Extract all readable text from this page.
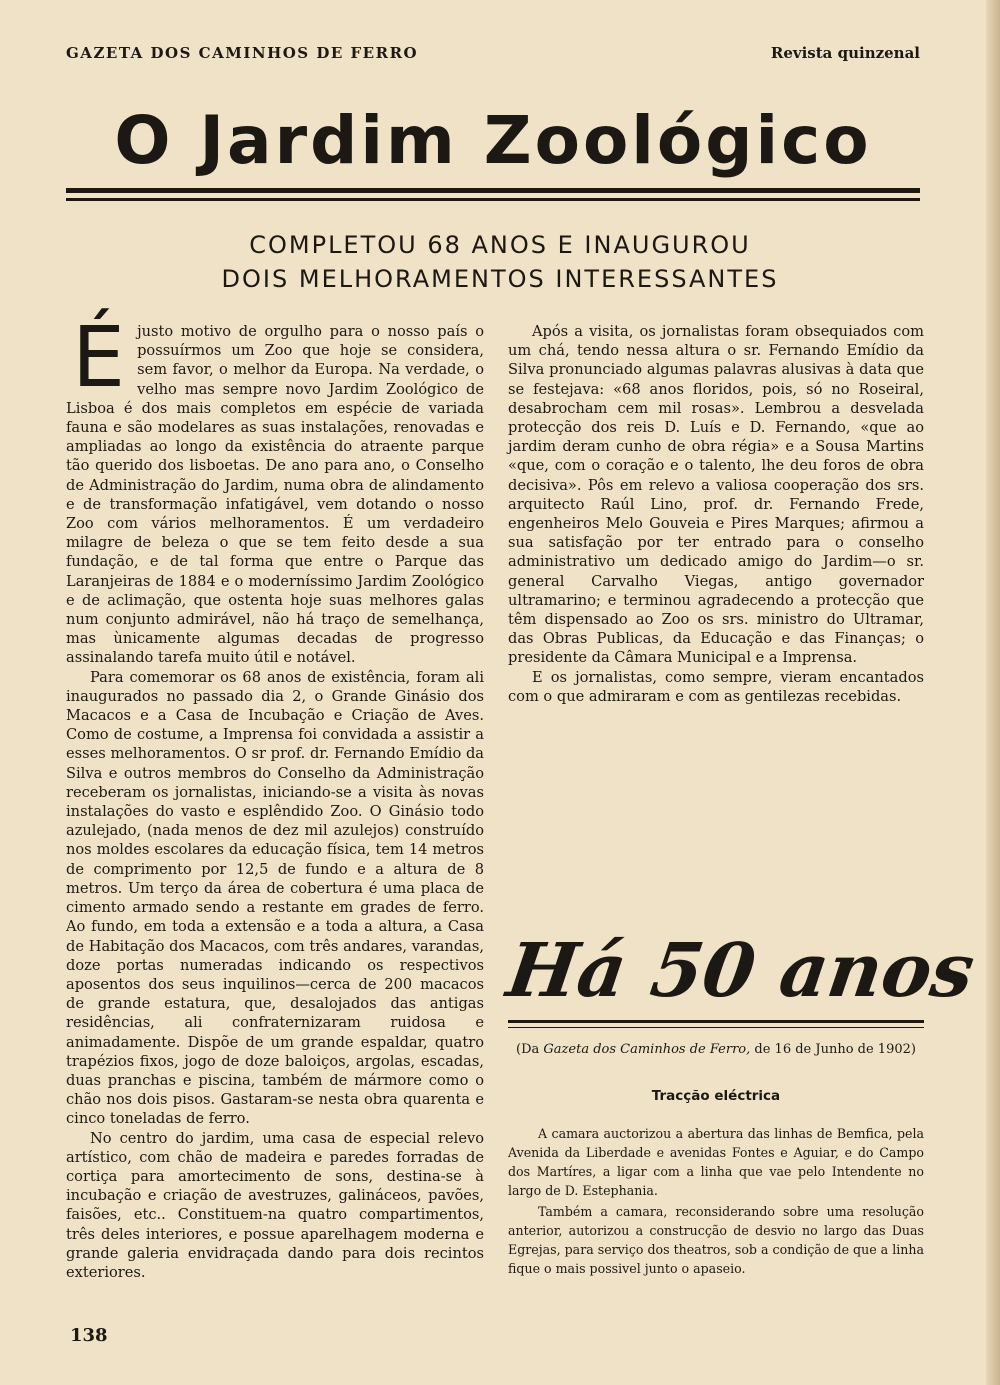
GAZETA DOS CAMINHOS DE FERRO	Revista quinzenal
O Jardim Zoológico
COMPLETOU 68 ANOS E INAUGUROU
DOIS MELHORAMENTOS INTERESSANTES

Éjusto motivo de orgulho para o nosso país o possuírmos um Zoo que hoje se considera, sem favor, o melhor da Europa. Na verdade, o velho mas sempre novo Jardim Zoológico de Lisboa é dos mais completos em espécie de variada fauna e são modelares as suas instalações, renovadas e ampliadas ao longo da existência do atraente parque tão querido dos lisboetas. De ano para ano, o Conselho de Administração do Jardim, numa obra de alindamento e de transformação infatigável, vem dotando o nosso Zoo com vários melhoramentos. É um verdadeiro milagre de beleza o que se tem feito desde a sua fundação, e de tal forma que entre o Parque das Laranjeiras de 1884 e o moderníssimo Jardim Zoológico e de aclimação, que ostenta hoje suas melhores galas num conjunto admirável, não há traço de semelhança, mas ùnicamente algumas decadas de progresso assinalando tarefa muito útil e notável.

Para comemorar os 68 anos de existência, foram ali inaugurados no passado dia 2, o Grande Ginásio dos Macacos e a Casa de Incubação e Criação de Aves. Como de costume, a Imprensa foi convidada a assistir a esses melhoramentos. O sr prof. dr. Fernando Emídio da Silva e outros membros do Conselho da Administração receberam os jornalistas, iniciando-se a visita às novas instalações do vasto e esplêndido Zoo. O Ginásio todo azulejado, (nada menos de dez mil azulejos) construído nos moldes escolares da educação física, tem 14 metros de comprimento por 12,5 de fundo e a altura de 8 metros. Um terço da área de cobertura é uma placa de cimento armado sendo a restante em grades de ferro. Ao fundo, em toda a extensão e a toda a altura, a Casa de Habitação dos Macacos, com três andares, varandas, doze portas numeradas indicando os respectivos aposentos dos seus inquilinos—cerca de 200 macacos de grande estatura, que, desalojados das antigas residências, ali confraternizaram ruidosa e animadamente. Dispõe de um grande espaldar, quatro trapézios fixos, jogo de doze baloiços, argolas, escadas, duas pranchas e piscina, também de mármore como o chão nos dois pisos. Gastaram-se nesta obra quarenta e cinco toneladas de ferro.

No centro do jardim, uma casa de especial relevo artístico, com chão de madeira e paredes forradas de cortiça para amortecimento de sons, destina-se à incubação e criação de avestruzes, galináceos, pavões, faisões, etc.. Constituem-na quatro compartimentos, três deles interiores, e possue aparelhagem moderna e grande galeria envidraçada dando para dois recintos exteriores.

Após a visita, os jornalistas foram obsequiados com um chá, tendo nessa altura o sr. Fernando Emídio da Silva pronunciado algumas palavras alusivas à data que se festejava: «68 anos floridos, pois, só no Roseiral, desabrocham cem mil rosas». Lembrou a desvelada protecção dos reis D. Luís e D. Fernando, «que ao jardim deram cunho de obra régia» e a Sousa Martins «que, com o coração e o talento, lhe deu foros de obra decisiva». Pôs em relevo a valiosa cooperação dos srs. arquitecto Raúl Lino, prof. dr. Fernando Frede, engenheiros Melo Gouveia e Pires Marques; afirmou a sua satisfação por ter entrado para o conselho administrativo um dedicado amigo do Jardim—o sr. general Carvalho Viegas, antigo governador ultramarino; e terminou agradecendo a protecção que têm dispensado ao Zoo os srs. ministro do Ultramar, das Obras Publicas, da Educação e das Finanças; o presidente da Câmara Municipal e a Imprensa.

E os jornalistas, como sempre, vieram encantados com o que admiraram e com as gentilezas recebidas.

Há 50 anos
(Da Gazeta dos Caminhos de Ferro, de 16 de Junho de 1902)
Tracção eléctrica

A camara auctorizou a abertura das linhas de Bemfica, pela Avenida da Liberdade e avenidas Fontes e Aguiar, e do Campo dos Martíres, a ligar com a linha que vae pelo Intendente no largo de D. Estephania.

Também a camara, reconsiderando sobre uma resolução anterior, autorizou a construcção de desvio no largo das Duas Egrejas, para serviço dos theatros, sob a condição de que a linha fique o mais possivel junto o apaseio.

138
